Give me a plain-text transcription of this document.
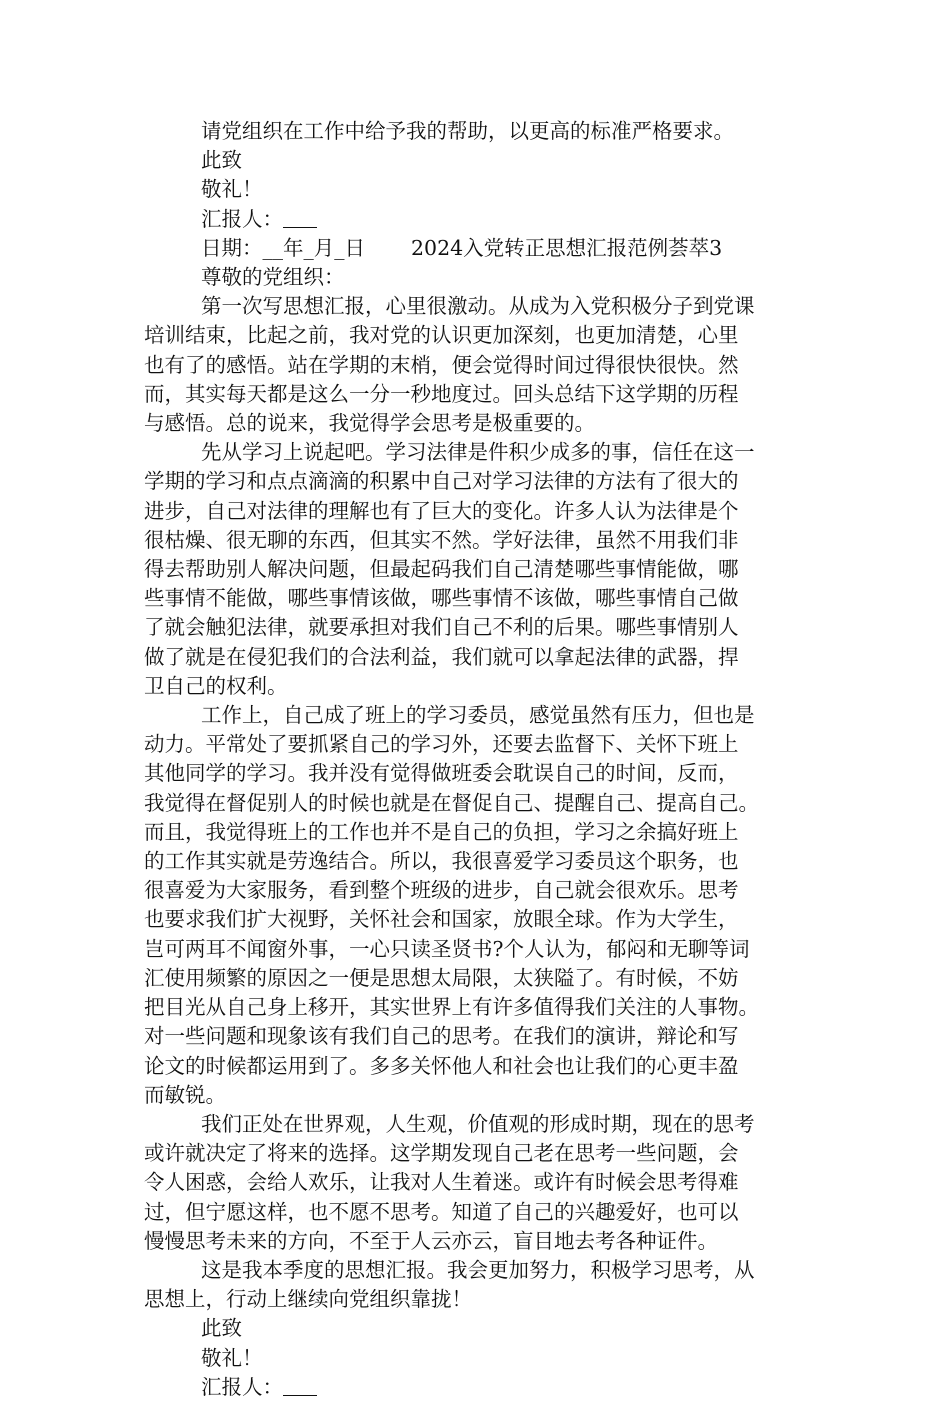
请党组织在工作中给予我的帮助，以更高的标准严格要求。
此致
敬礼！
汇报人：
日期：__年_月_日 2024入党转正思想汇报范例荟萃3
尊敬的党组织：
第一次写思想汇报，心里很激动。从成为入党积极分子到党课
培训结束，比起之前，我对党的认识更加深刻，也更加清楚，心里
也有了的感悟。站在学期的末梢，便会觉得时间过得很快很快。然
而，其实每天都是这么一分一秒地度过。回头总结下这学期的历程
与感悟。总的说来，我觉得学会思考是极重要的。
先从学习上说起吧。学习法律是件积少成多的事，信任在这一
学期的学习和点点滴滴的积累中自己对学习法律的方法有了很大的
进步，自己对法律的理解也有了巨大的变化。许多人认为法律是个
很枯燥、很无聊的东西，但其实不然。学好法律，虽然不用我们非
得去帮助别人解决问题，但最起码我们自己清楚哪些事情能做，哪
些事情不能做，哪些事情该做，哪些事情不该做，哪些事情自己做
了就会触犯法律，就要承担对我们自己不利的后果。哪些事情别人
做了就是在侵犯我们的合法利益，我们就可以拿起法律的武器，捍
卫自己的权利。
工作上，自己成了班上的学习委员，感觉虽然有压力，但也是
动力。平常处了要抓紧自己的学习外，还要去监督下、关怀下班上
其他同学的学习。我并没有觉得做班委会耽误自己的时间，反而，
我觉得在督促别人的时候也就是在督促自己、提醒自己、提高自己。
而且，我觉得班上的工作也并不是自己的负担，学习之余搞好班上
的工作其实就是劳逸结合。所以，我很喜爱学习委员这个职务，也
很喜爱为大家服务，看到整个班级的进步，自己就会很欢乐。思考
也要求我们扩大视野，关怀社会和国家，放眼全球。作为大学生，
岂可两耳不闻窗外事，一心只读圣贤书?个人认为，郁闷和无聊等词
汇使用频繁的原因之一便是思想太局限，太狭隘了。有时候，不妨
把目光从自己身上移开，其实世界上有许多值得我们关注的人事物。
对一些问题和现象该有我们自己的思考。在我们的演讲，辩论和写
论文的时候都运用到了。多多关怀他人和社会也让我们的心更丰盈
而敏锐。
我们正处在世界观，人生观，价值观的形成时期，现在的思考
或许就决定了将来的选择。这学期发现自己老在思考一些问题，会
令人困惑，会给人欢乐，让我对人生着迷。或许有时候会思考得难
过，但宁愿这样，也不愿不思考。知道了自己的兴趣爱好，也可以
慢慢思考未来的方向，不至于人云亦云，盲目地去考各种证件。
这是我本季度的思想汇报。我会更加努力，积极学习思考，从
思想上，行动上继续向党组织靠拢！
此致
敬礼！
汇报人：
